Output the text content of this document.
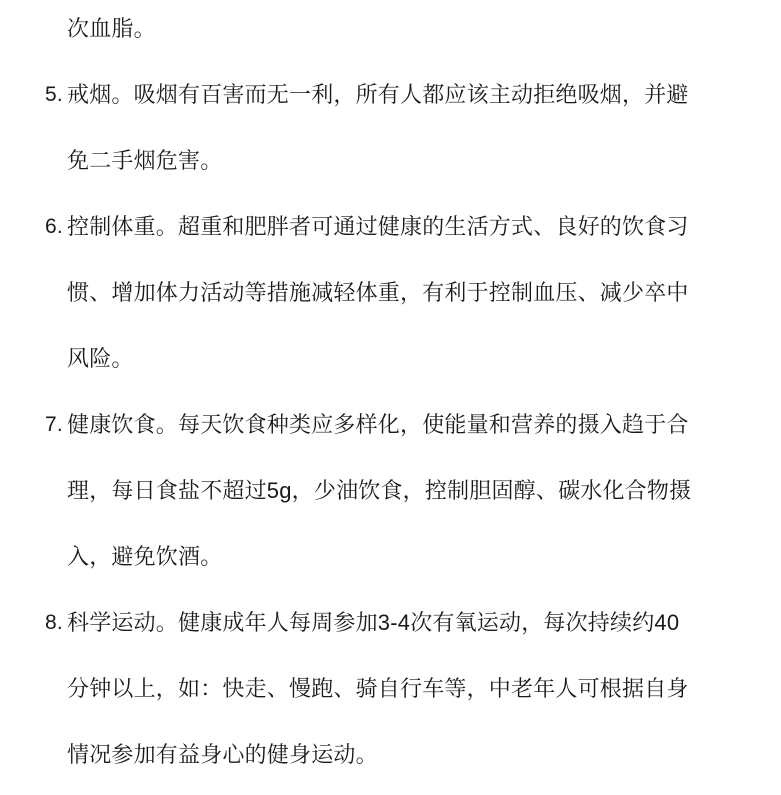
次血脂。
5. 戒烟。吸烟有百害而无一利，所有人都应该主动拒绝吸烟，并避
免二手烟危害。
6. 控制体重。超重和肥胖者可通过健康的生活方式、良好的饮食习
惯、增加体力活动等措施减轻体重，有利于控制血压、减少卒中
风险。
7. 健康饮食。每天饮食种类应多样化，使能量和营养的摄入趋于合
理，每日食盐不超过5g，少油饮食，控制胆固醇、碳水化合物摄
入，避免饮酒。
8. 科学运动。健康成年人每周参加3-4次有氧运动，每次持续约40
分钟以上，如：快走、慢跑、骑自行车等，中老年人可根据自身
情况参加有益身心的健身运动。
